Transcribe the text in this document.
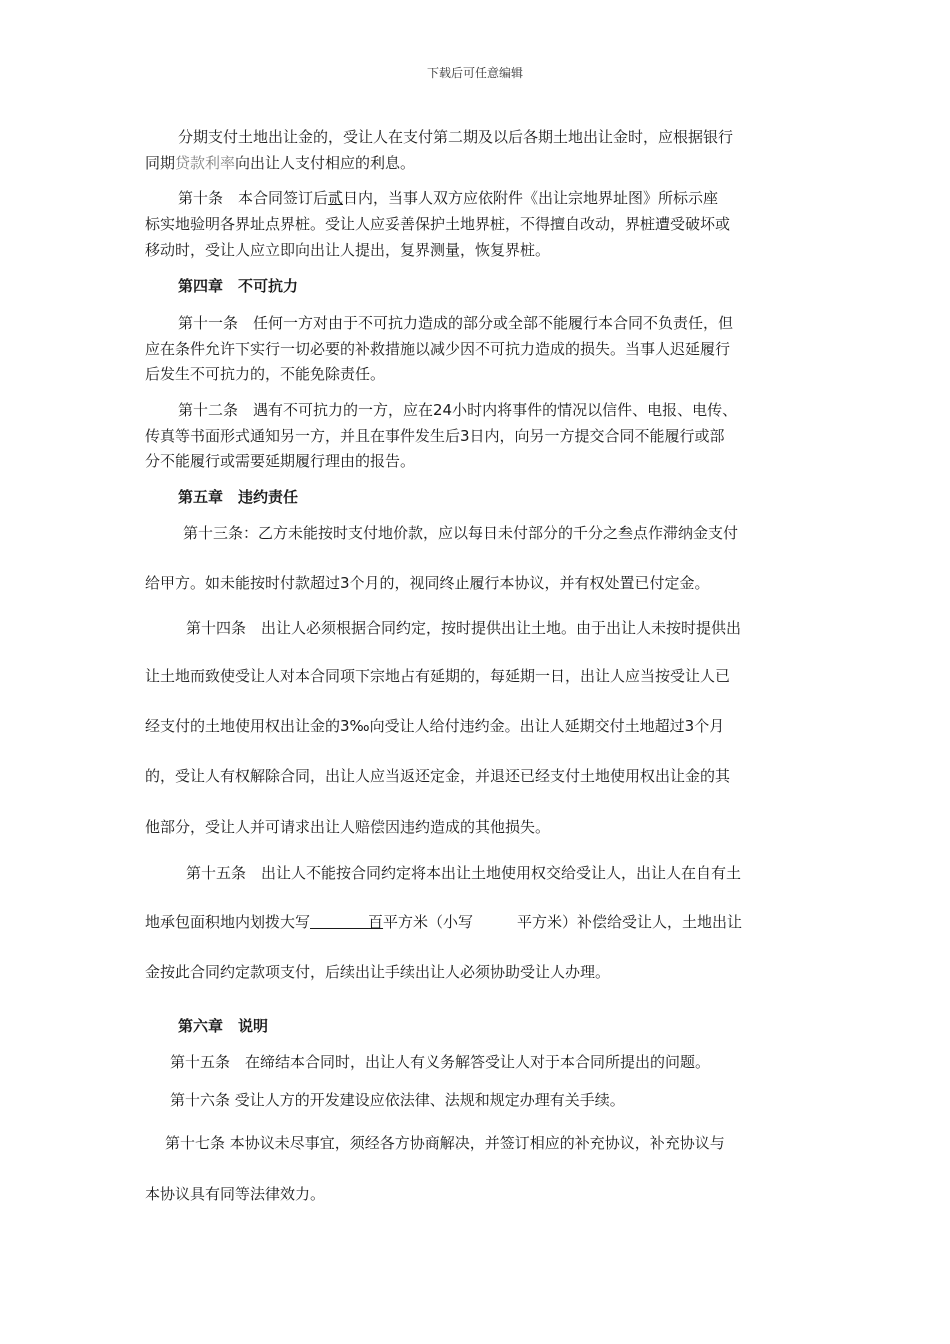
下载后可任意编辑

分期支付土地出让金的，受让人在支付第二期及以后各期土地出让金时，应根据银行

同期贷款利率向出让人支付相应的利息。

第十条　本合同签订后贰日内，当事人双方应依附件《出让宗地界址图》所标示座

标实地验明各界址点界桩。受让人应妥善保护土地界桩，不得擅自改动，界桩遭受破坏或

移动时，受让人应立即向出让人提出，复界测量，恢复界桩。

第四章　不可抗力

第十一条　任何一方对由于不可抗力造成的部分或全部不能履行本合同不负责任，但

应在条件允许下实行一切必要的补救措施以减少因不可抗力造成的损失。当事人迟延履行

后发生不可抗力的，不能免除责任。

第十二条　遇有不可抗力的一方，应在24小时内将事件的情况以信件、电报、电传、

传真等书面形式通知另一方，并且在事件发生后3日内，向另一方提交合同不能履行或部

分不能履行或需要延期履行理由的报告。

第五章　违约责任

第十三条：乙方未能按时支付地价款，应以每日未付部分的千分之叁点作滞纳金支付

给甲方。如未能按时付款超过3个月的，视同终止履行本协议，并有权处置已付定金。

第十四条　出让人必须根据合同约定，按时提供出让土地。由于出让人未按时提供出

让土地而致使受让人对本合同项下宗地占有延期的，每延期一日，出让人应当按受让人已

经支付的土地使用权出让金的3‰向受让人给付违约金。出让人延期交付土地超过3个月

的，受让人有权解除合同，出让人应当返还定金，并退还已经支付土地使用权出让金的其

他部分，受让人并可请求出让人赔偿因违约造成的其他损失。

第十五条　出让人不能按合同约定将本出让土地使用权交给受让人，出让人在自有土

地承包面积地内划拨大写	百平方米（小写	平方米）补偿给受让人，土地出让

金按此合同约定款项支付，后续出让手续出让人必须协助受让人办理。

第六章　说明

第十五条　在缔结本合同时，出让人有义务解答受让人对于本合同所提出的问题。

第十六条 受让人方的开发建设应依法律、法规和规定办理有关手续。

第十七条 本协议未尽事宜，须经各方协商解决，并签订相应的补充协议，补充协议与

本协议具有同等法律效力。
